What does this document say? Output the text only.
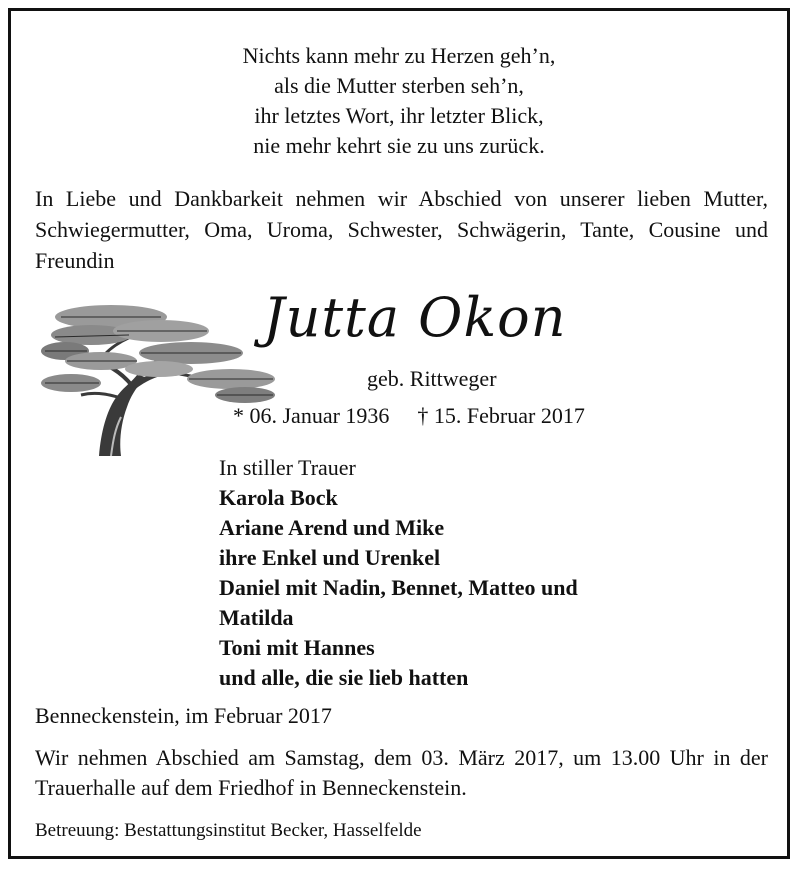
Nichts kann mehr zu Herzen geh’n,
als die Mutter sterben seh’n,
ihr letztes Wort, ihr letzter Blick,
nie mehr kehrt sie zu uns zurück.
In Liebe und Dankbarkeit nehmen wir Abschied von unserer lieben Mutter, Schwiegermutter, Oma, Uroma, Schwester, Schwägerin, Tante, Cousine und Freundin
Jutta Okon
geb. Rittweger
* 06. Januar 1936 † 15. Februar 2017
In stiller Trauer
Karola Bock
Ariane Arend und Mike
ihre Enkel und Urenkel
Daniel mit Nadin, Bennet, Matteo und
Matilda
Toni mit Hannes
und alle, die sie lieb hatten
Benneckenstein, im Februar 2017
Wir nehmen Abschied am Samstag, dem 03. März 2017, um 13.00 Uhr in der Trauerhalle auf dem Friedhof in Benneckenstein.
Betreuung: Bestattungsinstitut Becker, Hasselfelde
